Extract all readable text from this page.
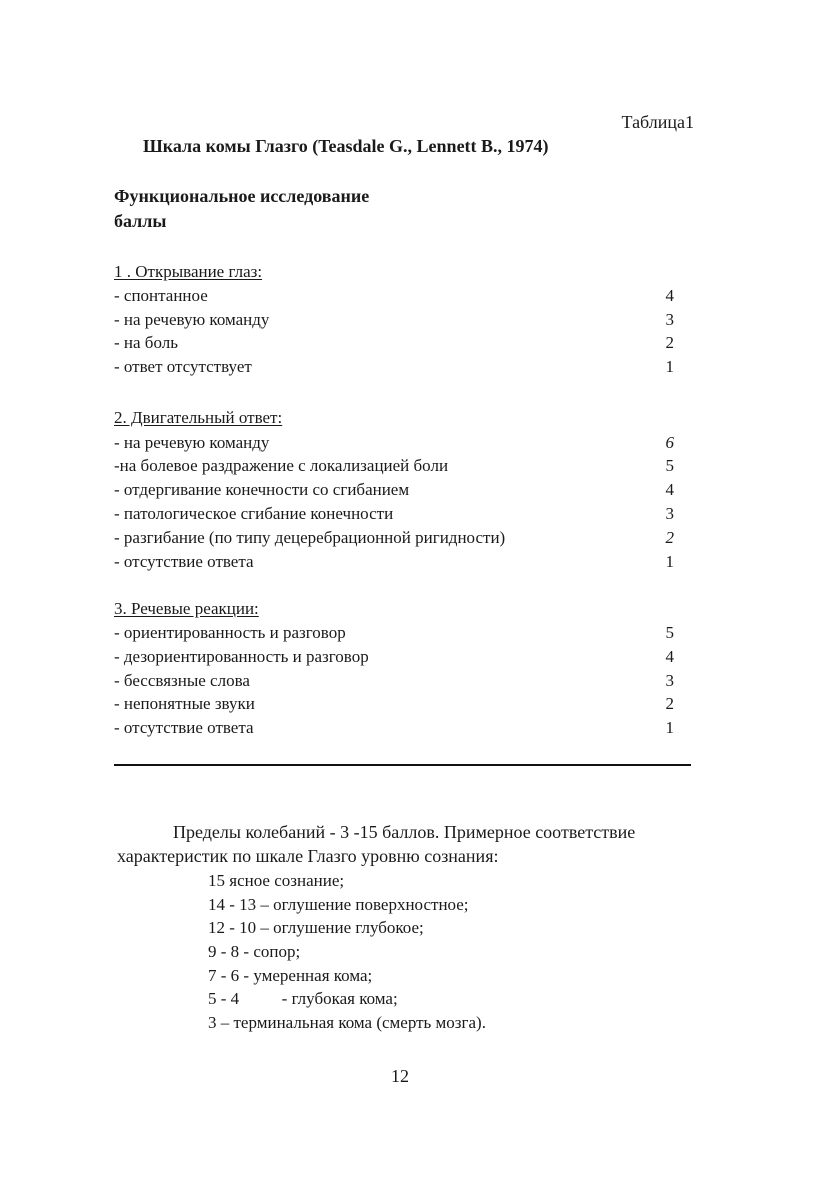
Таблица1
Шкала комы Глазго (Teasdale G., Lennett B., 1974)
Функциональное исследование
баллы
1 . Открывание глаз:
- спонтанное	4
- на речевую команду	3
- на боль	2
- ответ отсутствует	1
2. Двигательный ответ:
- на речевую команду	6
-на болевое раздражение с локализацией боли	5
- отдергивание конечности со сгибанием	4
- патологическое сгибание конечности	3
- разгибание (по типу децеребрационной ригидности)	2
- отсутствие ответа	1
3. Речевые реакции:
- ориентированность и разговор	5
- дезориентированность и разговор	4
- бессвязные слова	3
- непонятные звуки	2
- отсутствие ответа	1
Пределы колебаний - 3 -15 баллов. Примерное соответствие
характеристик по шкале Глазго уровню сознания:
15 ясное сознание;
14 - 13 – оглушение поверхностное;
12 - 10 – оглушение глубокое;
9 - 8 - сопор;
7 - 6 - умеренная кома;
5 - 4          - глубокая кома;
3 – терминальная кома (смерть мозга).
12
